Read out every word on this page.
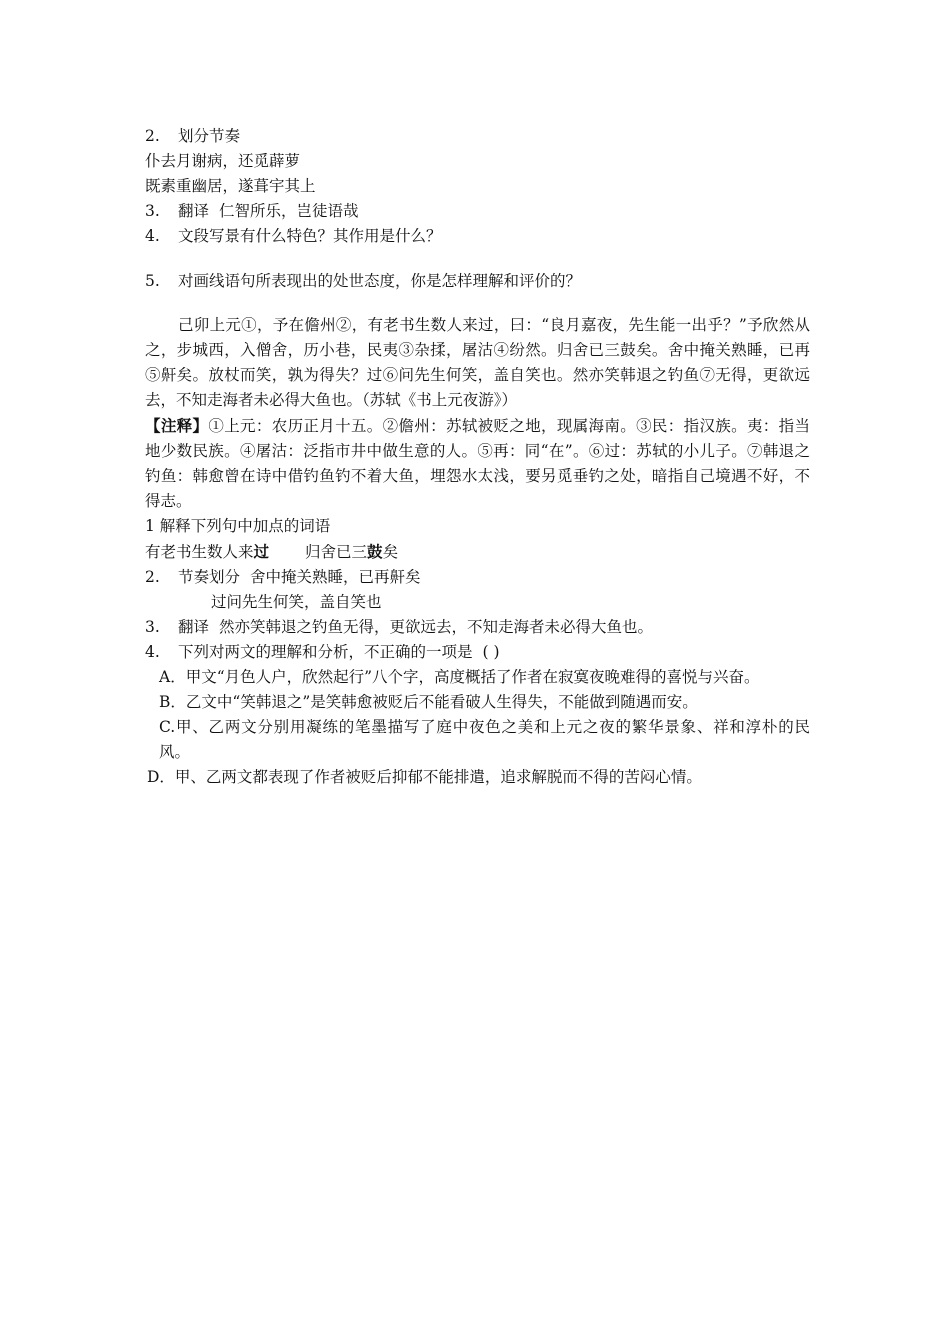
2.	划分节奏
仆去月谢病，还觅薜萝
既素重幽居，遂葺宇其上
3.	翻译 仁智所乐，岂徒语哉
4.	文段写景有什么特色？其作用是什么？
5.	对画线语句所表现出的处世态度，你是怎样理解和评价的？
己卯上元①，予在儋州②，有老书生数人来过，曰：“良月嘉夜，先生能一出乎？”予欣然从之，步城西，入僧舍，历小巷，民夷③杂揉，屠沽④纷然。归舍已三鼓矣。舍中掩关熟睡，已再⑤鼾矣。放杖而笑，孰为得失？过⑥问先生何笑，盖自笑也。然亦笑韩退之钓鱼⑦无得，更欲远去，不知走海者未必得大鱼也。（苏轼《书上元夜游》）
【注释】①上元：农历正月十五。②儋州：苏轼被贬之地，现属海南。③民：指汉族。夷：指当地少数民族。④屠沽：泛指市井中做生意的人。⑤再：同“在”。⑥过：苏轼的小儿子。⑦韩退之钓鱼：韩愈曾在诗中借钓鱼钓不着大鱼，埋怨水太浅，要另觅垂钓之处，暗指自己境遇不好，不得志。
1 解释下列句中加点的词语
有老书生数人来过 归舍已三鼓矣
2.	节奏划分 舍中掩关熟睡，已再鼾矣
过问先生何笑，盖自笑也
3.	翻译 然亦笑韩退之钓鱼无得，更欲远去，不知走海者未必得大鱼也。
4.	下列对两文的理解和分析，不正确的一项是 ( )
A．甲文“月色人户，欣然起行”八个字，高度概括了作者在寂寞夜晚难得的喜悦与兴奋。
B．乙文中“笑韩退之”是笑韩愈被贬后不能看破人生得失，不能做到随遇而安。
C.甲、乙两文分别用凝练的笔墨描写了庭中夜色之美和上元之夜的繁华景象、祥和淳朴的民风。
D．甲、乙两文都表现了作者被贬后抑郁不能排遣，追求解脱而不得的苦闷心情。
